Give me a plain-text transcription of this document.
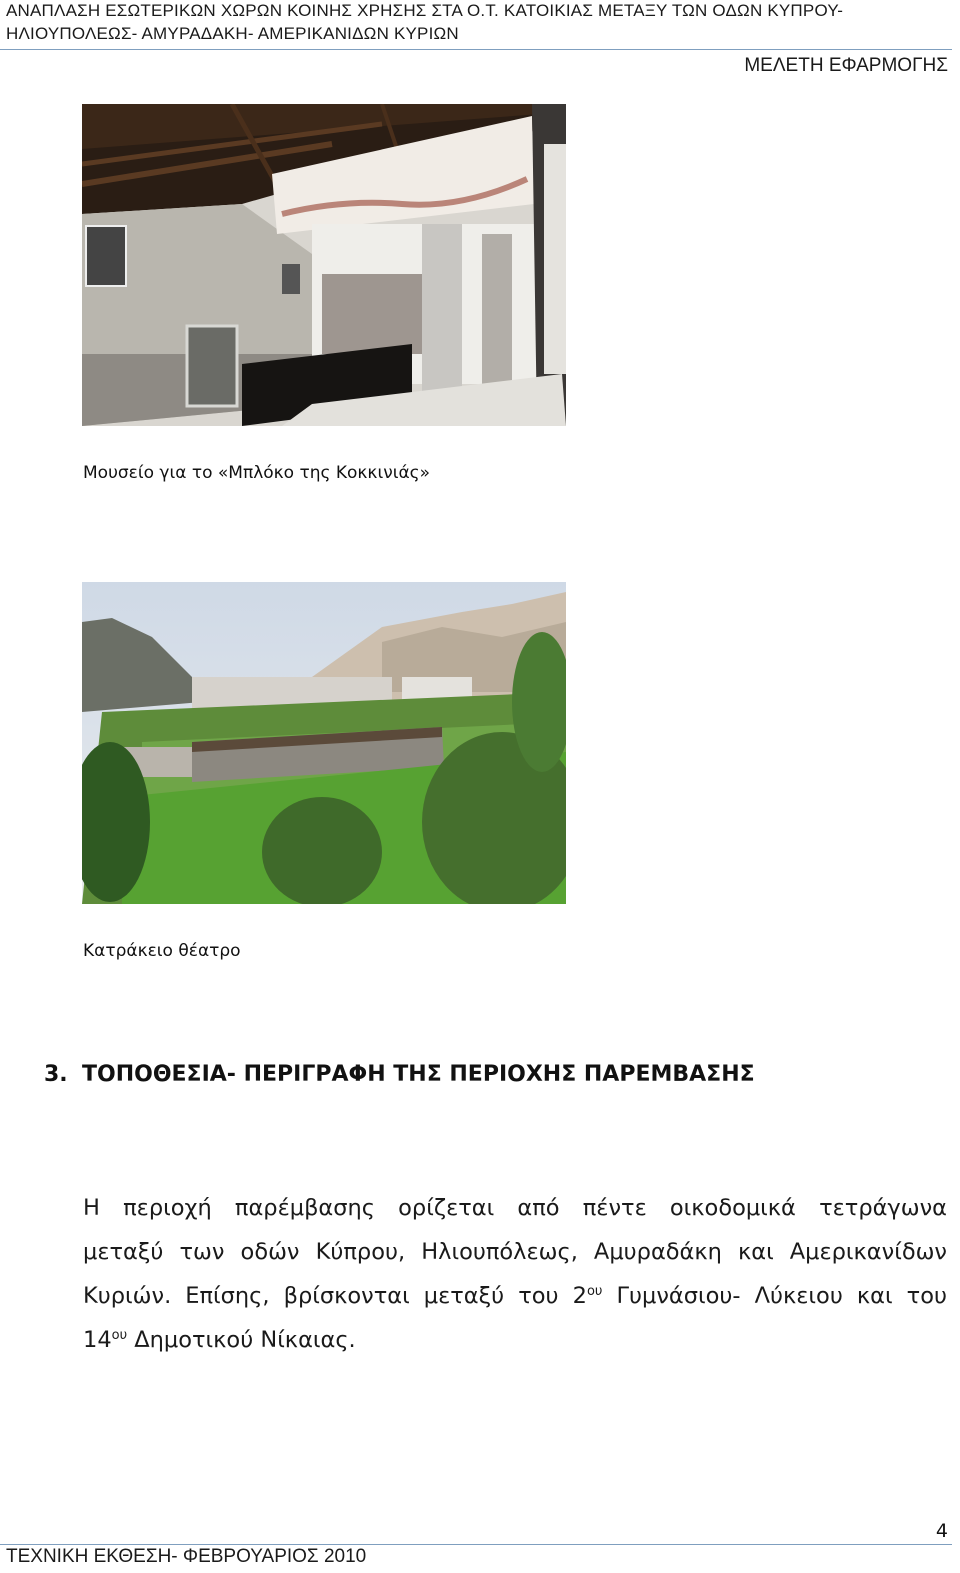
ΑΝΑΠΛΑΣΗ ΕΣΩΤΕΡΙΚΩΝ ΧΩΡΩΝ ΚΟΙΝΗΣ ΧΡΗΣΗΣ ΣΤΑ Ο.Τ. ΚΑΤΟΙΚΙΑΣ ΜΕΤΑΞΥ ΤΩΝ ΟΔΩΝ ΚΥΠΡΟΥ-
ΗΛΙΟΥΠΟΛΕΩΣ- ΑΜΥΡΑΔΑΚΗ- ΑΜΕΡΙΚΑΝΙΔΩΝ ΚΥΡΙΩΝ
ΜΕΛΕΤΗ ΕΦΑΡΜΟΓΗΣ
Μουσείο για το «Μπλόκο της Κοκκινιάς»
Κατράκειο θέατρο
3. ΤΟΠΟΘΕΣΙΑ- ΠΕΡΙΓΡΑΦΗ ΤΗΣ ΠΕΡΙΟΧΗΣ ΠΑΡΕΜΒΑΣΗΣ
Η περιοχή παρέμβασης ορίζεται από πέντε οικοδομικά τετράγωνα
μεταξύ των οδών Κύπρου, Ηλιουπόλεως, Αμυραδάκη και Αμερικανίδων
Κυριών. Επίσης, βρίσκονται μεταξύ του $2^{o\upsilon}$ Γυμνάσιου- Λύκειου και του
$14^{o\upsilon}$ Δημοτικού Νίκαιας.
4
ΤΕΧΝΙΚΗ ΕΚΘΕΣΗ- ΦΕΒΡΟΥΑΡΙΟΣ 2010
